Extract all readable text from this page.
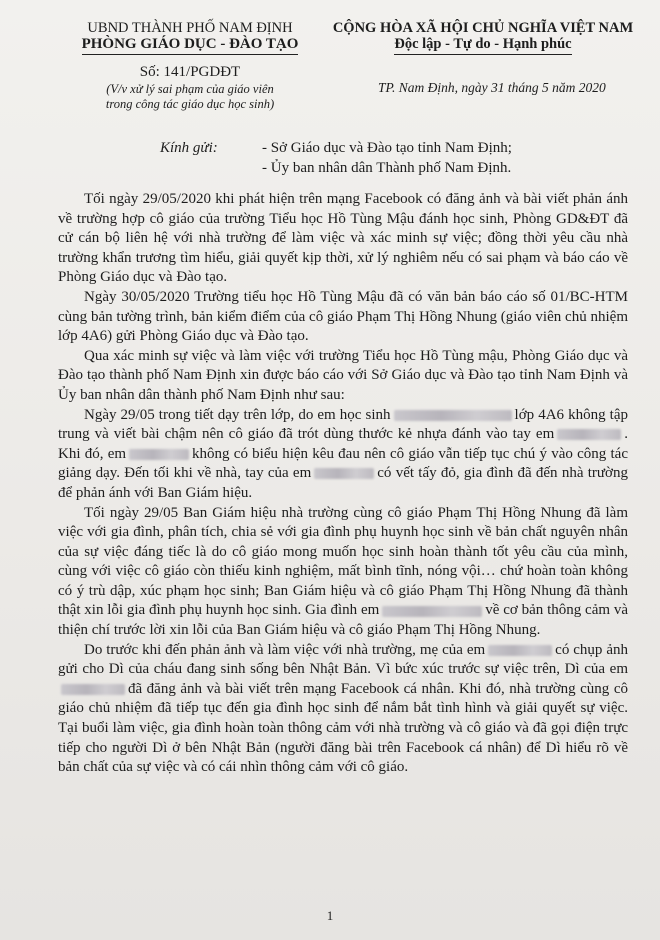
UBND THÀNH PHỐ NAM ĐỊNH
PHÒNG GIÁO DỤC - ĐÀO TẠO
CỘNG HÒA XÃ HỘI CHỦ NGHĨA VIỆT NAM
Độc lập - Tự do - Hạnh phúc
Số: 141/PGDĐT
(V/v xử lý sai phạm của giáo viên
trong công tác giáo dục học sinh)
TP. Nam Định, ngày 31 tháng 5 năm 2020
Kính gửi:	- Sở Giáo dục và Đào tạo tỉnh Nam Định;
- Ủy ban nhân dân Thành phố Nam Định.

Tối ngày 29/05/2020 khi phát hiện trên mạng Facebook có đăng ảnh và bài viết phản ánh về trường hợp cô giáo của trường Tiểu học Hồ Tùng Mậu đánh học sinh, Phòng GD&ĐT đã cử cán bộ liên hệ với nhà trường để làm việc và xác minh sự việc; đồng thời yêu cầu nhà trường khẩn trương tìm hiểu, giải quyết kịp thời, xử lý nghiêm nếu có sai phạm và báo cáo về Phòng Giáo dục và Đào tạo.

Ngày 30/05/2020 Trường tiểu học Hồ Tùng Mậu đã có văn bản báo cáo số 01/BC-HTM cùng bản tường trình, bản kiểm điểm của cô giáo Phạm Thị Hồng Nhung (giáo viên chủ nhiệm lớp 4A6) gửi Phòng Giáo dục và Đào tạo.

Qua xác minh sự việc và làm việc với trường Tiểu học Hồ Tùng mậu, Phòng Giáo dục và Đào tạo thành phố Nam Định xin được báo cáo với Sở Giáo dục và Đào tạo tỉnh Nam Định và Ủy ban nhân dân thành phố Nam Định như sau:

Ngày 29/05 trong tiết dạy trên lớp, do em học sinh	lớp 4A6 không tập trung và viết bài chậm nên cô giáo đã trót dùng thước kẻ nhựa đánh vào tay em	. Khi đó, em	không có biểu hiện kêu đau nên cô giáo vẫn tiếp tục chú ý vào công tác giảng dạy. Đến tối khi về nhà, tay của em	có vết tấy đỏ, gia đình đã đến nhà trường để phản ánh với Ban Giám hiệu.

Tối ngày 29/05 Ban Giám hiệu nhà trường cùng cô giáo Phạm Thị Hồng Nhung đã làm việc với gia đình, phân tích, chia sẻ với gia đình phụ huynh học sinh về bản chất nguyên nhân của sự việc đáng tiếc là do cô giáo mong muốn học sinh hoàn thành tốt yêu cầu của mình, cùng với việc cô giáo còn thiếu kinh nghiệm, mất bình tĩnh, nóng vội… chứ hoàn toàn không có ý trù dập, xúc phạm học sinh; Ban Giám hiệu và cô giáo Phạm Thị Hồng Nhung đã thành thật xin lỗi gia đình phụ huynh học sinh. Gia đình em	về cơ bản thông cảm và thiện chí trước lời xin lỗi của Ban Giám hiệu và cô giáo Phạm Thị Hồng Nhung.

Do trước khi đến phản ảnh và làm việc với nhà trường, mẹ của em	có chụp ảnh gửi cho Dì của cháu đang sinh sống bên Nhật Bản. Vì bức xúc trước sự việc trên, Dì của emđã đăng ảnh và bài viết trên mạng Facebook cá nhân. Khi đó, nhà trường cùng cô giáo chủ nhiệm đã tiếp tục đến gia đình học sinh để nắm bắt tình hình và giải quyết sự việc. Tại buổi làm việc, gia đình hoàn toàn thông cảm với nhà trường và cô giáo và đã gọi điện trực tiếp cho người Dì ở bên Nhật Bản (người đăng bài trên Facebook cá nhân) để Dì hiểu rõ về bản chất của sự việc và có cái nhìn thông cảm với cô giáo.

1
